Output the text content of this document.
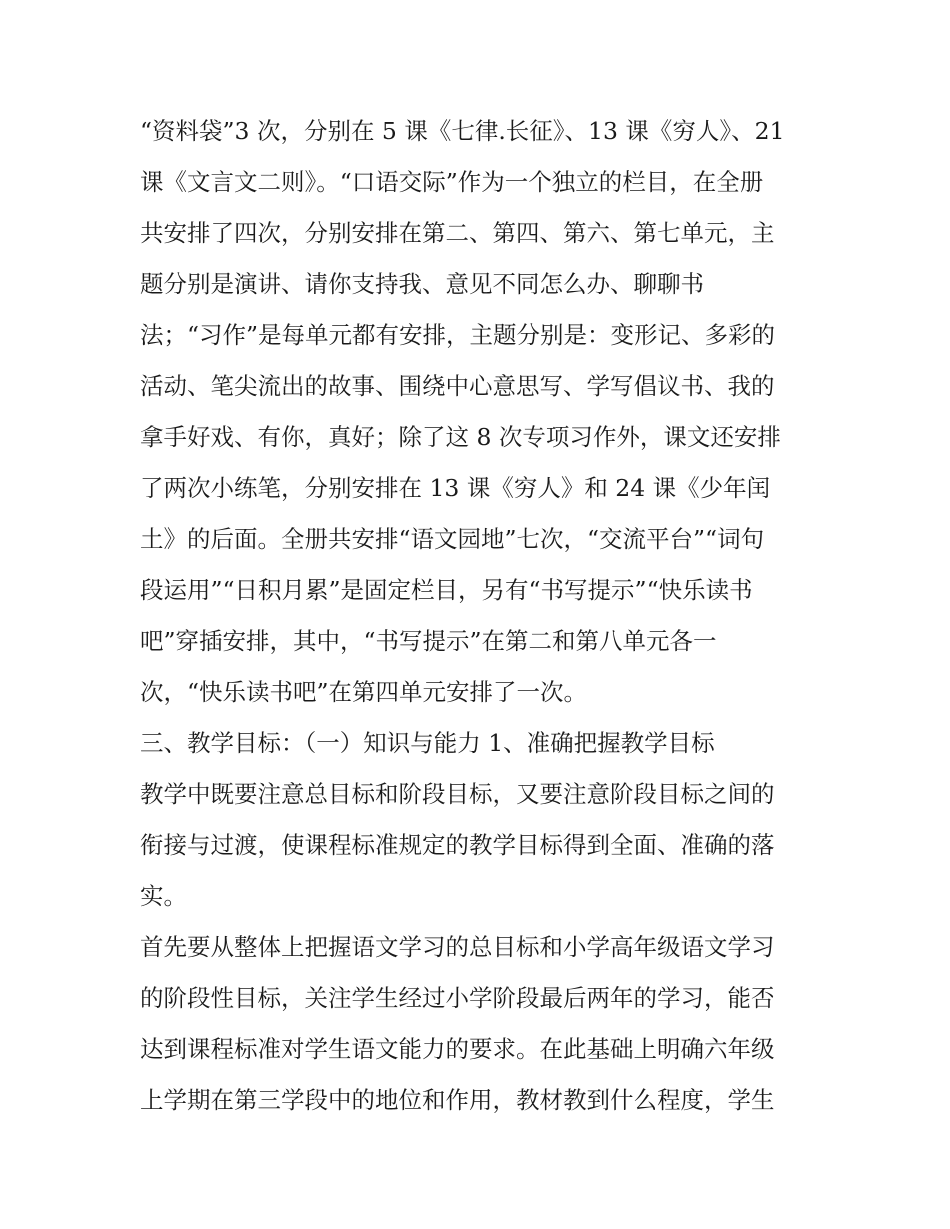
“资料袋”3 次，分别在 5 课《七律.长征》、13 课《穷人》、21
课《文言文二则》。“口语交际”作为一个独立的栏目，在全册
共安排了四次，分别安排在第二、第四、第六、第七单元，主
题分别是演讲、请你支持我、意见不同怎么办、聊聊书
法；“习作”是每单元都有安排，主题分别是：变形记、多彩的
活动、笔尖流出的故事、围绕中心意思写、学写倡议书、我的
拿手好戏、有你，真好；除了这 8 次专项习作外，课文还安排
了两次小练笔，分别安排在 13 课《穷人》和 24 课《少年闰
土》的后面。全册共安排“语文园地”七次，“交流平台”“词句
段运用”“日积月累”是固定栏目，另有“书写提示”“快乐读书
吧”穿插安排，其中，“书写提示”在第二和第八单元各一
次，“快乐读书吧”在第四单元安排了一次。
三、教学目标：（一）知识与能力 1、准确把握教学目标
教学中既要注意总目标和阶段目标，又要注意阶段目标之间的
衔接与过渡，使课程标准规定的教学目标得到全面、准确的落
实。
首先要从整体上把握语文学习的总目标和小学高年级语文学习
的阶段性目标，关注学生经过小学阶段最后两年的学习，能否
达到课程标准对学生语文能力的要求。在此基础上明确六年级
上学期在第三学段中的地位和作用，教材教到什么程度，学生
